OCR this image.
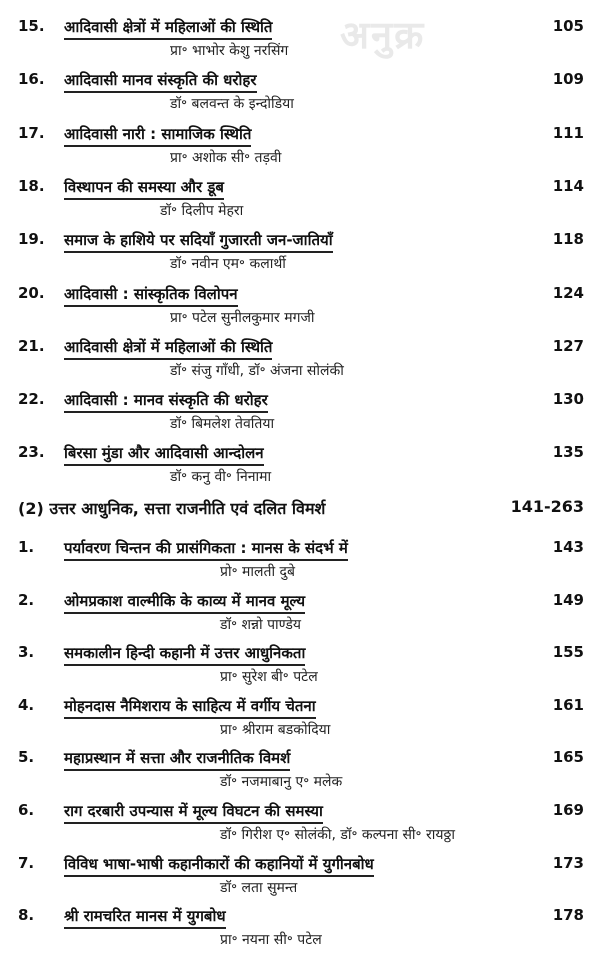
अनुक्र
15. आदिवासी क्षेत्रों में महिलाओं की स्थिति	105
प्रा॰ भाभोर केशु नरसिंग
16. आदिवासी मानव संस्कृति की धरोहर	109
डॉ॰ बलवन्त के इन्दोडिया
17. आदिवासी नारी : सामाजिक स्थिति	111
प्रा॰ अशोक सी॰ तड़वी
18. विस्थापन की समस्या और डूब	114
डॉ॰ दिलीप मेहरा
19. समाज के हाशिये पर सदियाँ गुजारती जन-जातियाँ	118
डॉ॰ नवीन एम॰ कलार्थी
20. आदिवासी : सांस्कृतिक विलोपन	124
प्रा॰ पटेल सुनीलकुमार मगजी
21. आदिवासी क्षेत्रों में महिलाओं की स्थिति	127
डॉ॰ संजु गाँधी, डॉ॰ अंजना सोलंकी
22. आदिवासी : मानव संस्कृति की धरोहर	130
डॉ॰ बिमलेश तेवतिया
23. बिरसा मुंडा और आदिवासी आन्दोलन	135
डॉ॰ कनु वी॰ निनामा
(2) उत्तर आधुनिक, सत्ता राजनीति एवं दलित विमर्श	141-263
1. पर्यावरण चिन्तन की प्रासंगिकता : मानस के संदर्भ में	143
प्रो॰ मालती दुबे
2. ओमप्रकाश वाल्मीकि के काव्य में मानव मूल्य	149
डॉ॰ शन्नो पाण्डेय
3. समकालीन हिन्दी कहानी में उत्तर आधुनिकता	155
प्रा॰ सुरेश बी॰ पटेल
4. मोहनदास नैमिशराय के साहित्य में वर्गीय चेतना	161
प्रा॰ श्रीराम बडकोदिया
5. महाप्रस्थान में सत्ता और राजनीतिक विमर्श	165
डॉ॰ नजमाबानु ए॰ मलेक
6. राग दरबारी उपन्यास में मूल्य विघटन की समस्या	169
डॉ॰ गिरीश ए॰ सोलंकी, डॉ॰ कल्पना सी॰ रायठ्ठा
7. विविध भाषा-भाषी कहानीकारों की कहानियों में युगीनबोध	173
डॉ॰ लता सुमन्त
8. श्री रामचरित मानस में युगबोध	178
प्रा॰ नयना सी॰ पटेल
